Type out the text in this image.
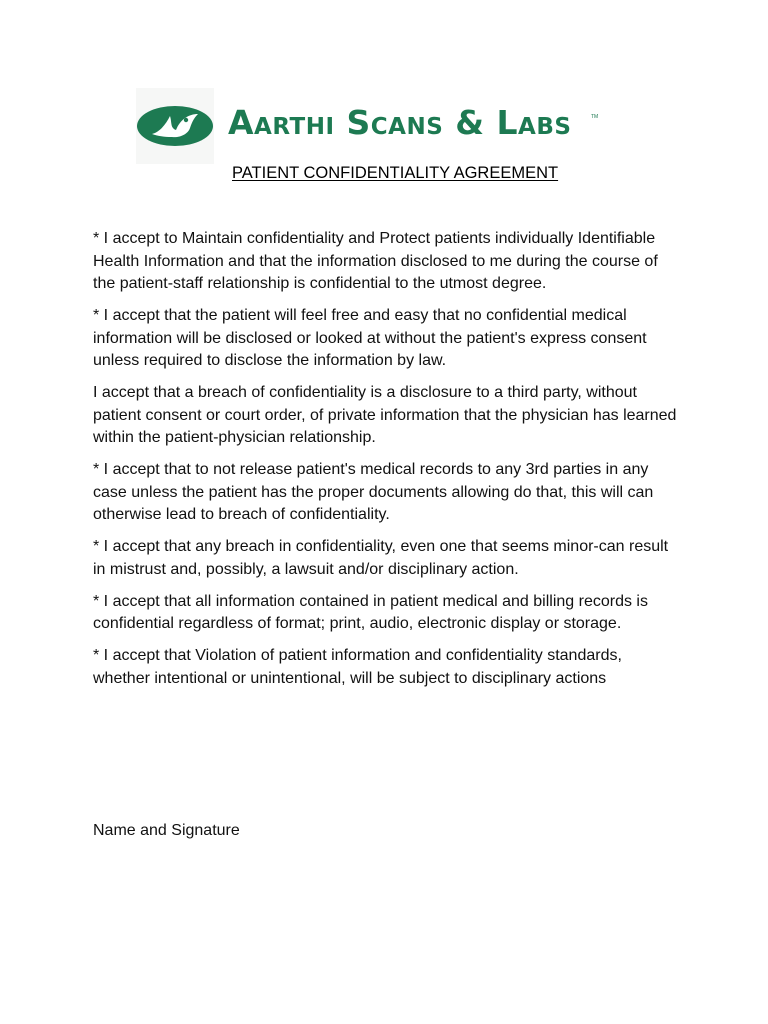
Aarthi Scans & Labs	TM
PATIENT CONFIDENTIALITY AGREEMENT

* I accept to Maintain confidentiality and Protect patients individually Identifiable Health Information and that the information disclosed to me during the course of the patient-staff relationship is confidential to the utmost degree.

* I accept that the patient will feel free and easy that no confidential medical information will be disclosed or looked at without the patient's express consent unless required to disclose the information by law.

I accept that a breach of confidentiality is a disclosure to a third party, without patient consent or court order, of private information that the physician has learned within the patient-physician relationship.

* I accept that to not release patient's medical records to any 3rd parties in any case unless the patient has the proper documents allowing do that, this will can otherwise lead to breach of confidentiality.

* I accept that any breach in confidentiality, even one that seems minor-can result in mistrust and, possibly, a lawsuit and/or disciplinary action.

* I accept that all information contained in patient medical and billing records is confidential regardless of format; print, audio, electronic display or storage.

* I accept that Violation of patient information and confidentiality standards, whether intentional or unintentional, will be subject to disciplinary actions

Name and Signature
